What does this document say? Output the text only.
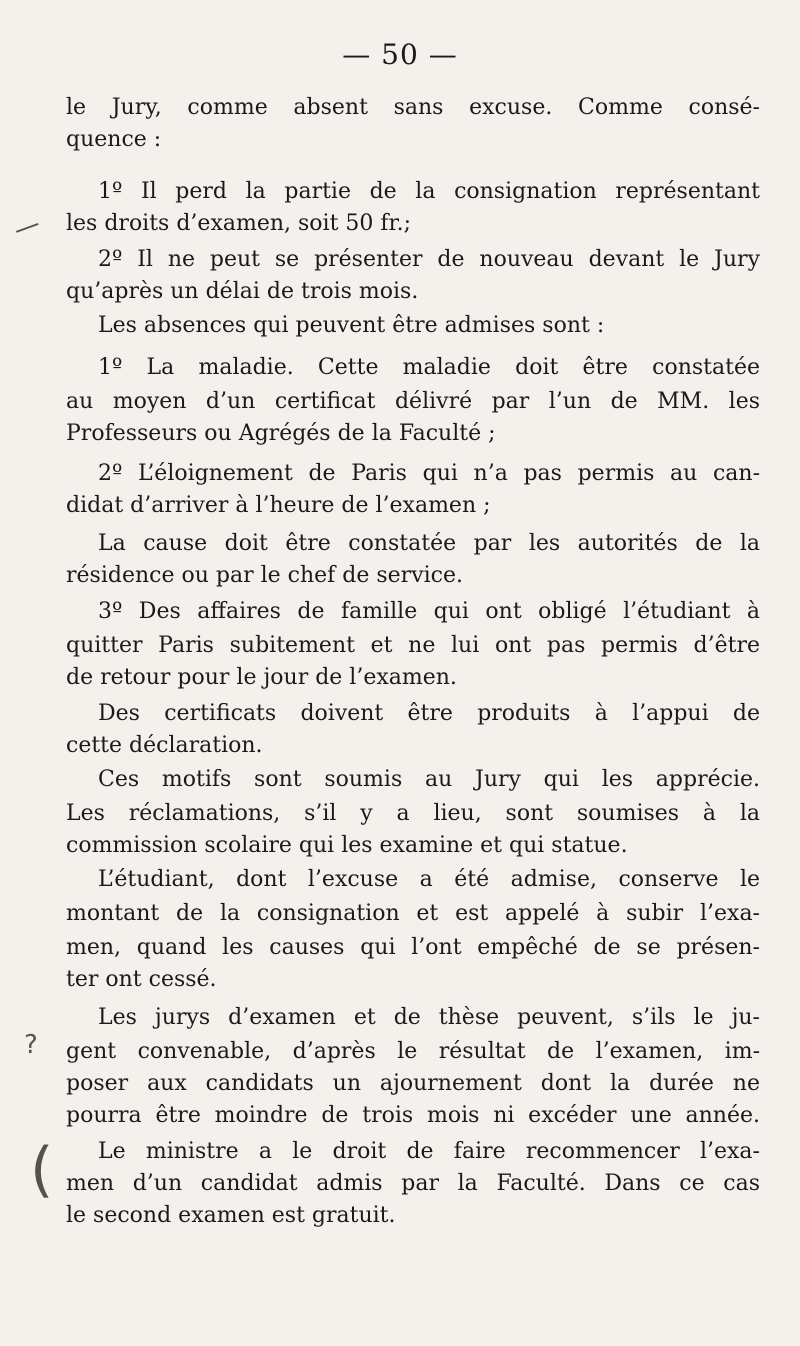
— 50 —
le Jury, comme absent sans excuse. Comme consé-
quence :
1º Il perd la partie de la consignation représentant
les droits d’examen, soit 50 fr.;
2º Il ne peut se présenter de nouveau devant le Jury
qu’après un délai de trois mois.
Les absences qui peuvent être admises sont :
1º La maladie. Cette maladie doit être constatée
au moyen d’un certificat délivré par l’un de MM. les
Professeurs ou Agrégés de la Faculté ;
2º L’éloignement de Paris qui n’a pas permis au can-
didat d’arriver à l’heure de l’examen ;
La cause doit être constatée par les autorités de la
résidence ou par le chef de service.
3º Des affaires de famille qui ont obligé l’étudiant à
quitter Paris subitement et ne lui ont pas permis d’être
de retour pour le jour de l’examen.
Des certificats doivent être produits à l’appui de
cette déclaration.
Ces motifs sont soumis au Jury qui les apprécie.
Les réclamations, s’il y a lieu, sont soumises à la
commission scolaire qui les examine et qui statue.
L’étudiant, dont l’excuse a été admise, conserve le
montant de la consignation et est appelé à subir l’exa-
men, quand les causes qui l’ont empêché de se présen-
ter ont cessé.
Les jurys d’examen et de thèse peuvent, s’ils le ju-
gent convenable, d’après le résultat de l’examen, im-
poser aux candidats un ajournement dont la durée ne
pourra être moindre de trois mois ni excéder une année.
Le ministre a le droit de faire recommencer l’exa-
men d’un candidat admis par la Faculté. Dans ce cas
le second examen est gratuit.
—
?
(
